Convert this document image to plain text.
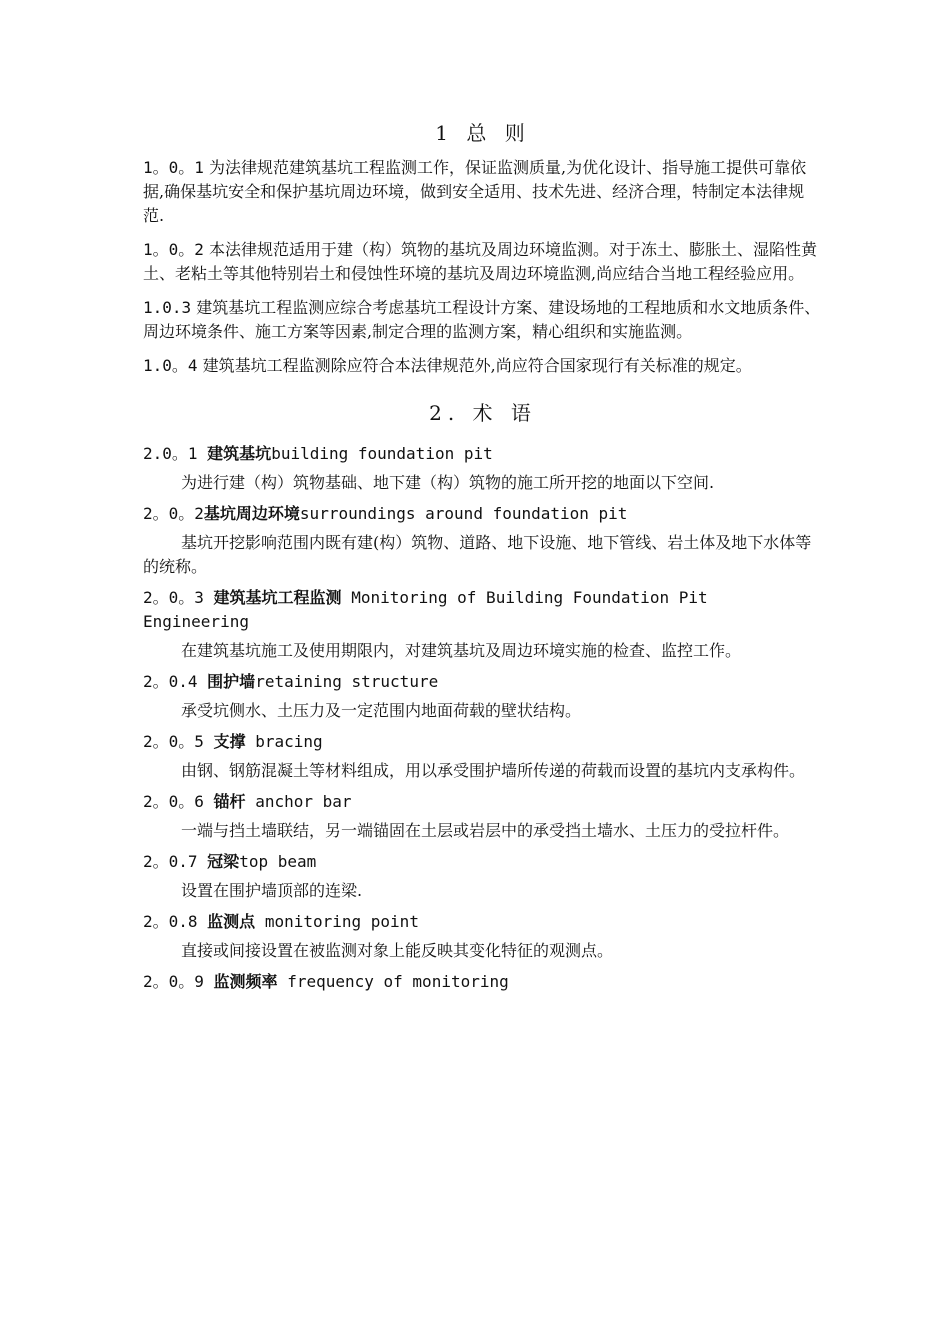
1 总 则

1。0。1 为法律规范建筑基坑工程监测工作，保证监测质量,为优化设计、指导施工提供可靠依据,确保基坑安全和保护基坑周边环境，做到安全适用、技术先进、经济合理，特制定本法律规范.

1。0。2 本法律规范适用于建（构）筑物的基坑及周边环境监测。对于冻土、膨胀土、湿陷性黄土、老粘土等其他特别岩土和侵蚀性环境的基坑及周边环境监测,尚应结合当地工程经验应用。

1.0.3 建筑基坑工程监测应综合考虑基坑工程设计方案、建设场地的工程地质和水文地质条件、周边环境条件、施工方案等因素,制定合理的监测方案，精心组织和实施监测。

1.0。4 建筑基坑工程监测除应符合本法律规范外,尚应符合国家现行有关标准的规定。

2. 术 语

2.0。1 建筑基坑building foundation pit

为进行建（构）筑物基础、地下建（构）筑物的施工所开挖的地面以下空间.

2。0。2基坑周边环境surroundings around foundation pit

基坑开挖影响范围内既有建(构）筑物、道路、地下设施、地下管线、岩土体及地下水体等的统称。

2。0。3 建筑基坑工程监测 Monitoring of Building Foundation Pit Engineering

在建筑基坑施工及使用期限内，对建筑基坑及周边环境实施的检查、监控工作。

2。0.4 围护墙retaining structure

承受坑侧水、土压力及一定范围内地面荷载的壁状结构。

2。0。5 支撑 bracing

由钢、钢筋混凝土等材料组成，用以承受围护墙所传递的荷载而设置的基坑内支承构件。

2。0。6 锚杆 anchor bar

一端与挡土墙联结，另一端锚固在土层或岩层中的承受挡土墙水、土压力的受拉杆件。

2。0.7 冠梁top beam

设置在围护墙顶部的连梁.

2。0.8 监测点 monitoring point

直接或间接设置在被监测对象上能反映其变化特征的观测点。

2。0。9 监测频率 frequency of monitoring
